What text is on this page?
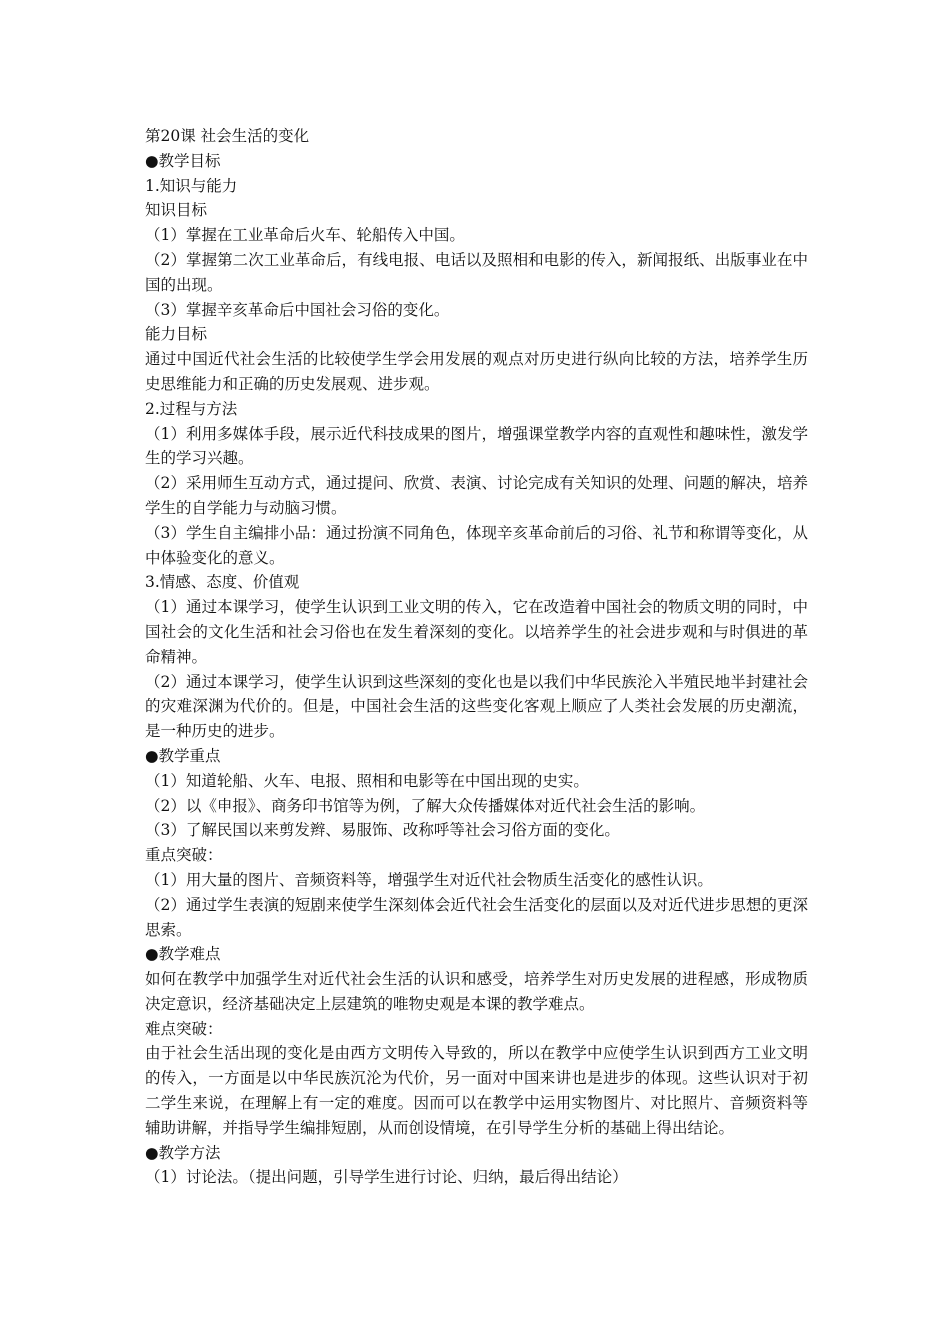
第20课 社会生活的变化
●教学目标
1.知识与能力
知识目标
（1）掌握在工业革命后火车、轮船传入中国。
（2）掌握第二次工业革命后，有线电报、电话以及照相和电影的传入，新闻报纸、出版事业在中国的出现。
（3）掌握辛亥革命后中国社会习俗的变化。
能力目标
通过中国近代社会生活的比较使学生学会用发展的观点对历史进行纵向比较的方法，培养学生历史思维能力和正确的历史发展观、进步观。
2.过程与方法
（1）利用多媒体手段，展示近代科技成果的图片，增强课堂教学内容的直观性和趣味性，激发学生的学习兴趣。
（2）采用师生互动方式，通过提问、欣赏、表演、讨论完成有关知识的处理、问题的解决，培养学生的自学能力与动脑习惯。
（3）学生自主编排小品：通过扮演不同角色，体现辛亥革命前后的习俗、礼节和称谓等变化，从中体验变化的意义。
3.情感、态度、价值观
（1）通过本课学习，使学生认识到工业文明的传入，它在改造着中国社会的物质文明的同时，中国社会的文化生活和社会习俗也在发生着深刻的变化。以培养学生的社会进步观和与时俱进的革命精神。
（2）通过本课学习，使学生认识到这些深刻的变化也是以我们中华民族沦入半殖民地半封建社会的灾难深渊为代价的。但是，中国社会生活的这些变化客观上顺应了人类社会发展的历史潮流，是一种历史的进步。
●教学重点
（1）知道轮船、火车、电报、照相和电影等在中国出现的史实。
（2）以《申报》、商务印书馆等为例，了解大众传播媒体对近代社会生活的影响。
（3）了解民国以来剪发辫、易服饰、改称呼等社会习俗方面的变化。
重点突破：
（1）用大量的图片、音频资料等，增强学生对近代社会物质生活变化的感性认识。
（2）通过学生表演的短剧来使学生深刻体会近代社会生活变化的层面以及对近代进步思想的更深思索。
●教学难点
如何在教学中加强学生对近代社会生活的认识和感受，培养学生对历史发展的进程感，形成物质决定意识，经济基础决定上层建筑的唯物史观是本课的教学难点。
难点突破：
由于社会生活出现的变化是由西方文明传入导致的，所以在教学中应使学生认识到西方工业文明的传入，一方面是以中华民族沉沦为代价，另一面对中国来讲也是进步的体现。这些认识对于初二学生来说，在理解上有一定的难度。因而可以在教学中运用实物图片、对比照片、音频资料等辅助讲解，并指导学生编排短剧，从而创设情境，在引导学生分析的基础上得出结论。
●教学方法
（1）讨论法。（提出问题，引导学生进行讨论、归纳，最后得出结论）
